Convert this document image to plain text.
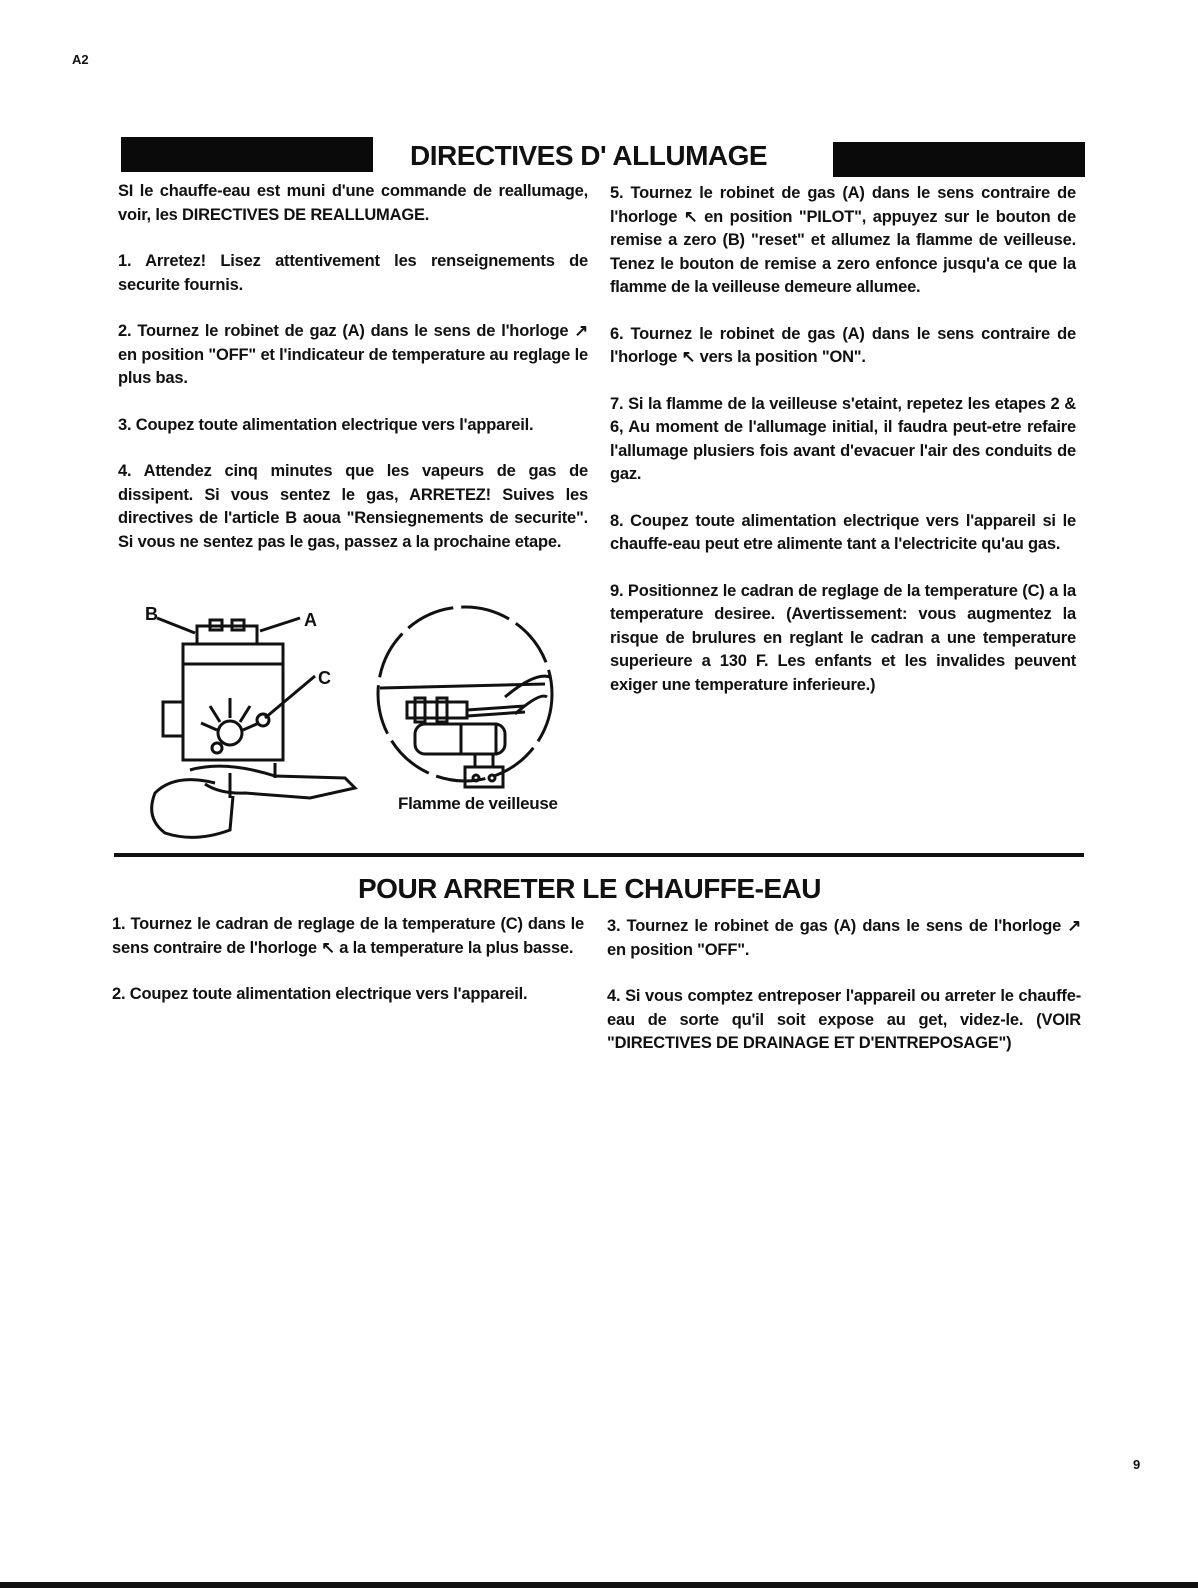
A2
DIRECTIVES D' ALLUMAGE

SI le chauffe-eau est muni d'une commande de reallumage, voir, les DIRECTIVES DE REALLUMAGE.

1. Arretez! Lisez attentivement les renseignements de securite fournis.

2. Tournez le robinet de gaz (A) dans le sens de l'horloge ↗ en position "OFF" et l'indicateur de temperature au reglage le plus bas.

3. Coupez toute alimentation electrique vers l'appareil.

4. Attendez cinq minutes que les vapeurs de gas de dissipent. Si vous sentez le gas, ARRETEZ! Suives les directives de l'article B aoua "Rensiegnements de securite". Si vous ne sentez pas le gas, passez a la prochaine etape.

5. Tournez le robinet de gas (A) dans le sens contraire de l'horloge ↖ en position "PILOT", appuyez sur le bouton de remise a zero (B) "reset" et allumez la flamme de veilleuse. Tenez le bouton de remise a zero enfonce jusqu'a ce que la flamme de la veilleuse demeure allumee.

6. Tournez le robinet de gas (A) dans le sens contraire de l'horloge ↖ vers la position "ON".

7. Si la flamme de la veilleuse s'etaint, repetez les etapes 2 & 6, Au moment de l'allumage initial, il faudra peut-etre refaire l'allumage plusiers fois avant d'evacuer l'air des conduits de gaz.

8. Coupez toute alimentation electrique vers l'appareil si le chauffe-eau peut etre alimente tant a l'electricite qu'au gas.

9. Positionnez le cadran de reglage de la temperature (C) a la temperature desiree. (Avertissement: vous augmentez la risque de brulures en reglant le cadran a une temperature superieure a 130 F. Les enfants et les invalides peuvent exiger une temperature inferieure.)

B	A
C
Flamme de veilleuse
POUR ARRETER LE CHAUFFE-EAU

1. Tournez le cadran de reglage de la temperature (C) dans le sens contraire de l'horloge ↖ a la temperature la plus basse.

2. Coupez toute alimentation electrique vers l'appareil.

3. Tournez le robinet de gas (A) dans le sens de l'horloge ↗ en position "OFF".

4. Si vous comptez entreposer l'appareil ou arreter le chauffe-eau de sorte qu'il soit expose au get, videz-le. (VOIR "DIRECTIVES DE DRAINAGE ET D'ENTREPOSAGE")

9
